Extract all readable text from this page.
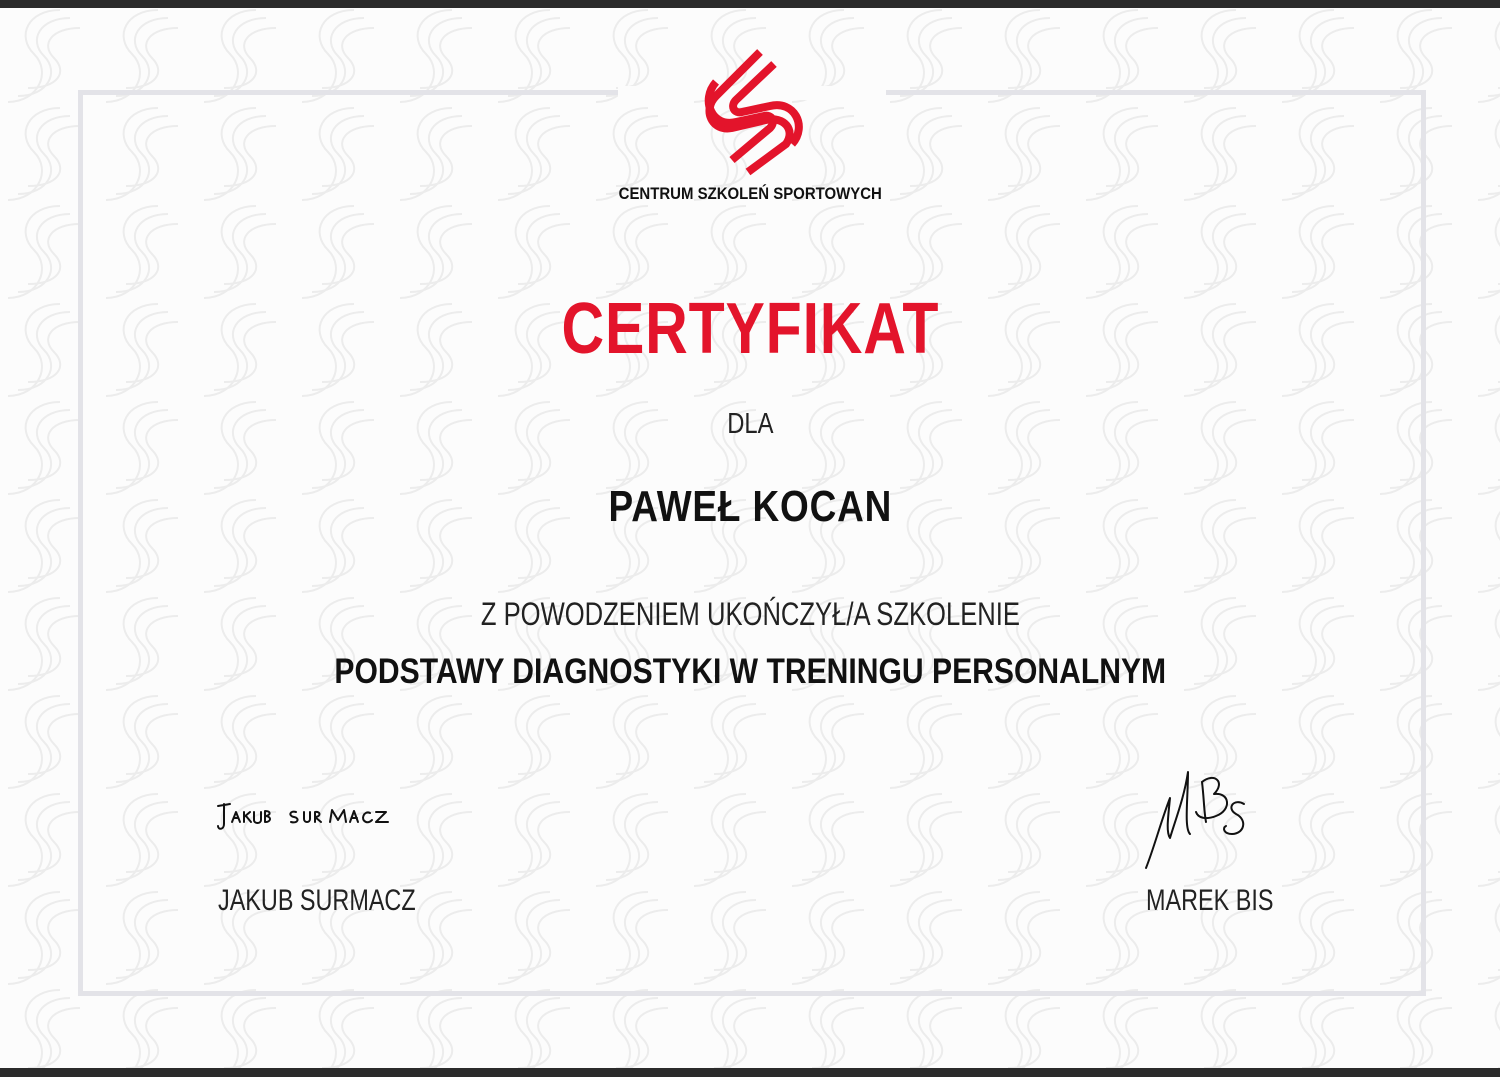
CENTRUM SZKOLEŃ SPORTOWYCH
CERTYFIKAT
DLA
PAWEŁ KOCAN
Z POWODZENIEM UKOŃCZYŁ/A SZKOLENIE
PODSTAWY DIAGNOSTYKI W TRENINGU PERSONALNYM
JAKUB SURMACZ	MAREK BIS
